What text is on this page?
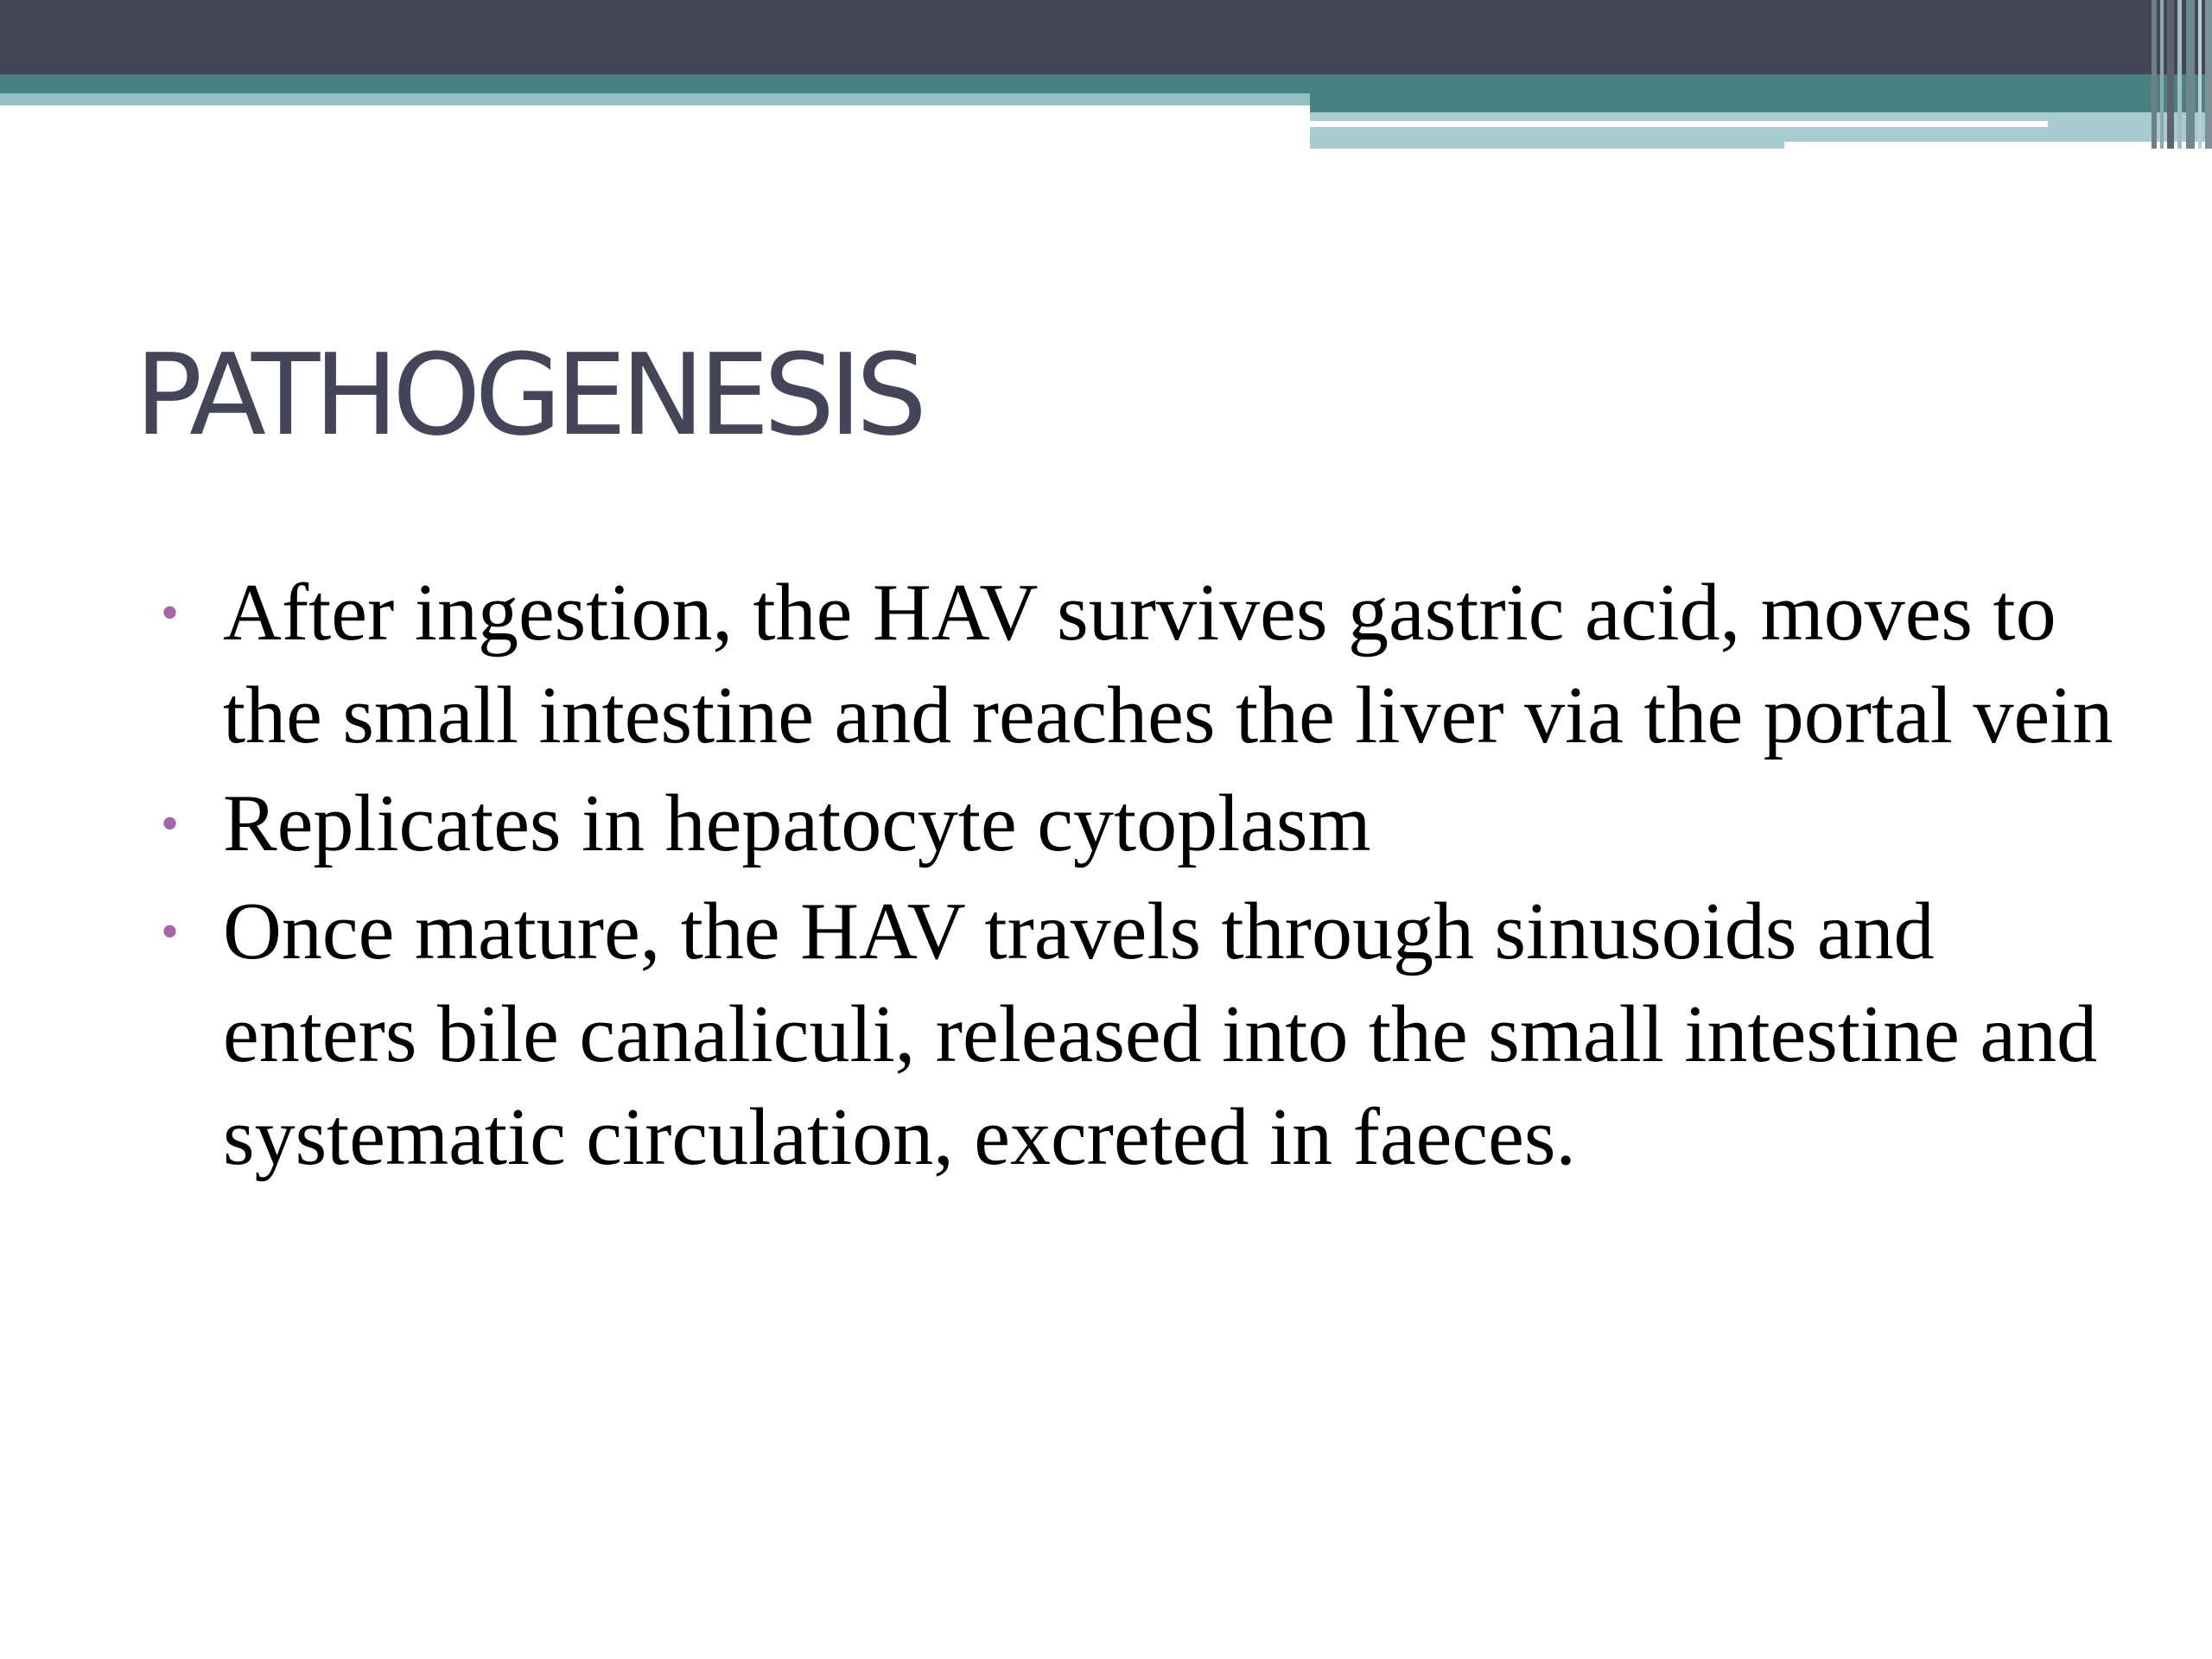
PATHOGENESIS
• After ingestion, the HAV survives gastric acid, moves to the small intestine and reaches the liver via the portal vein
• Replicates in hepatocyte cytoplasm
• Once mature, the HAV travels through sinusoids and enters bile canaliculi, released into the small intestine and systematic circulation, excreted in faeces.
